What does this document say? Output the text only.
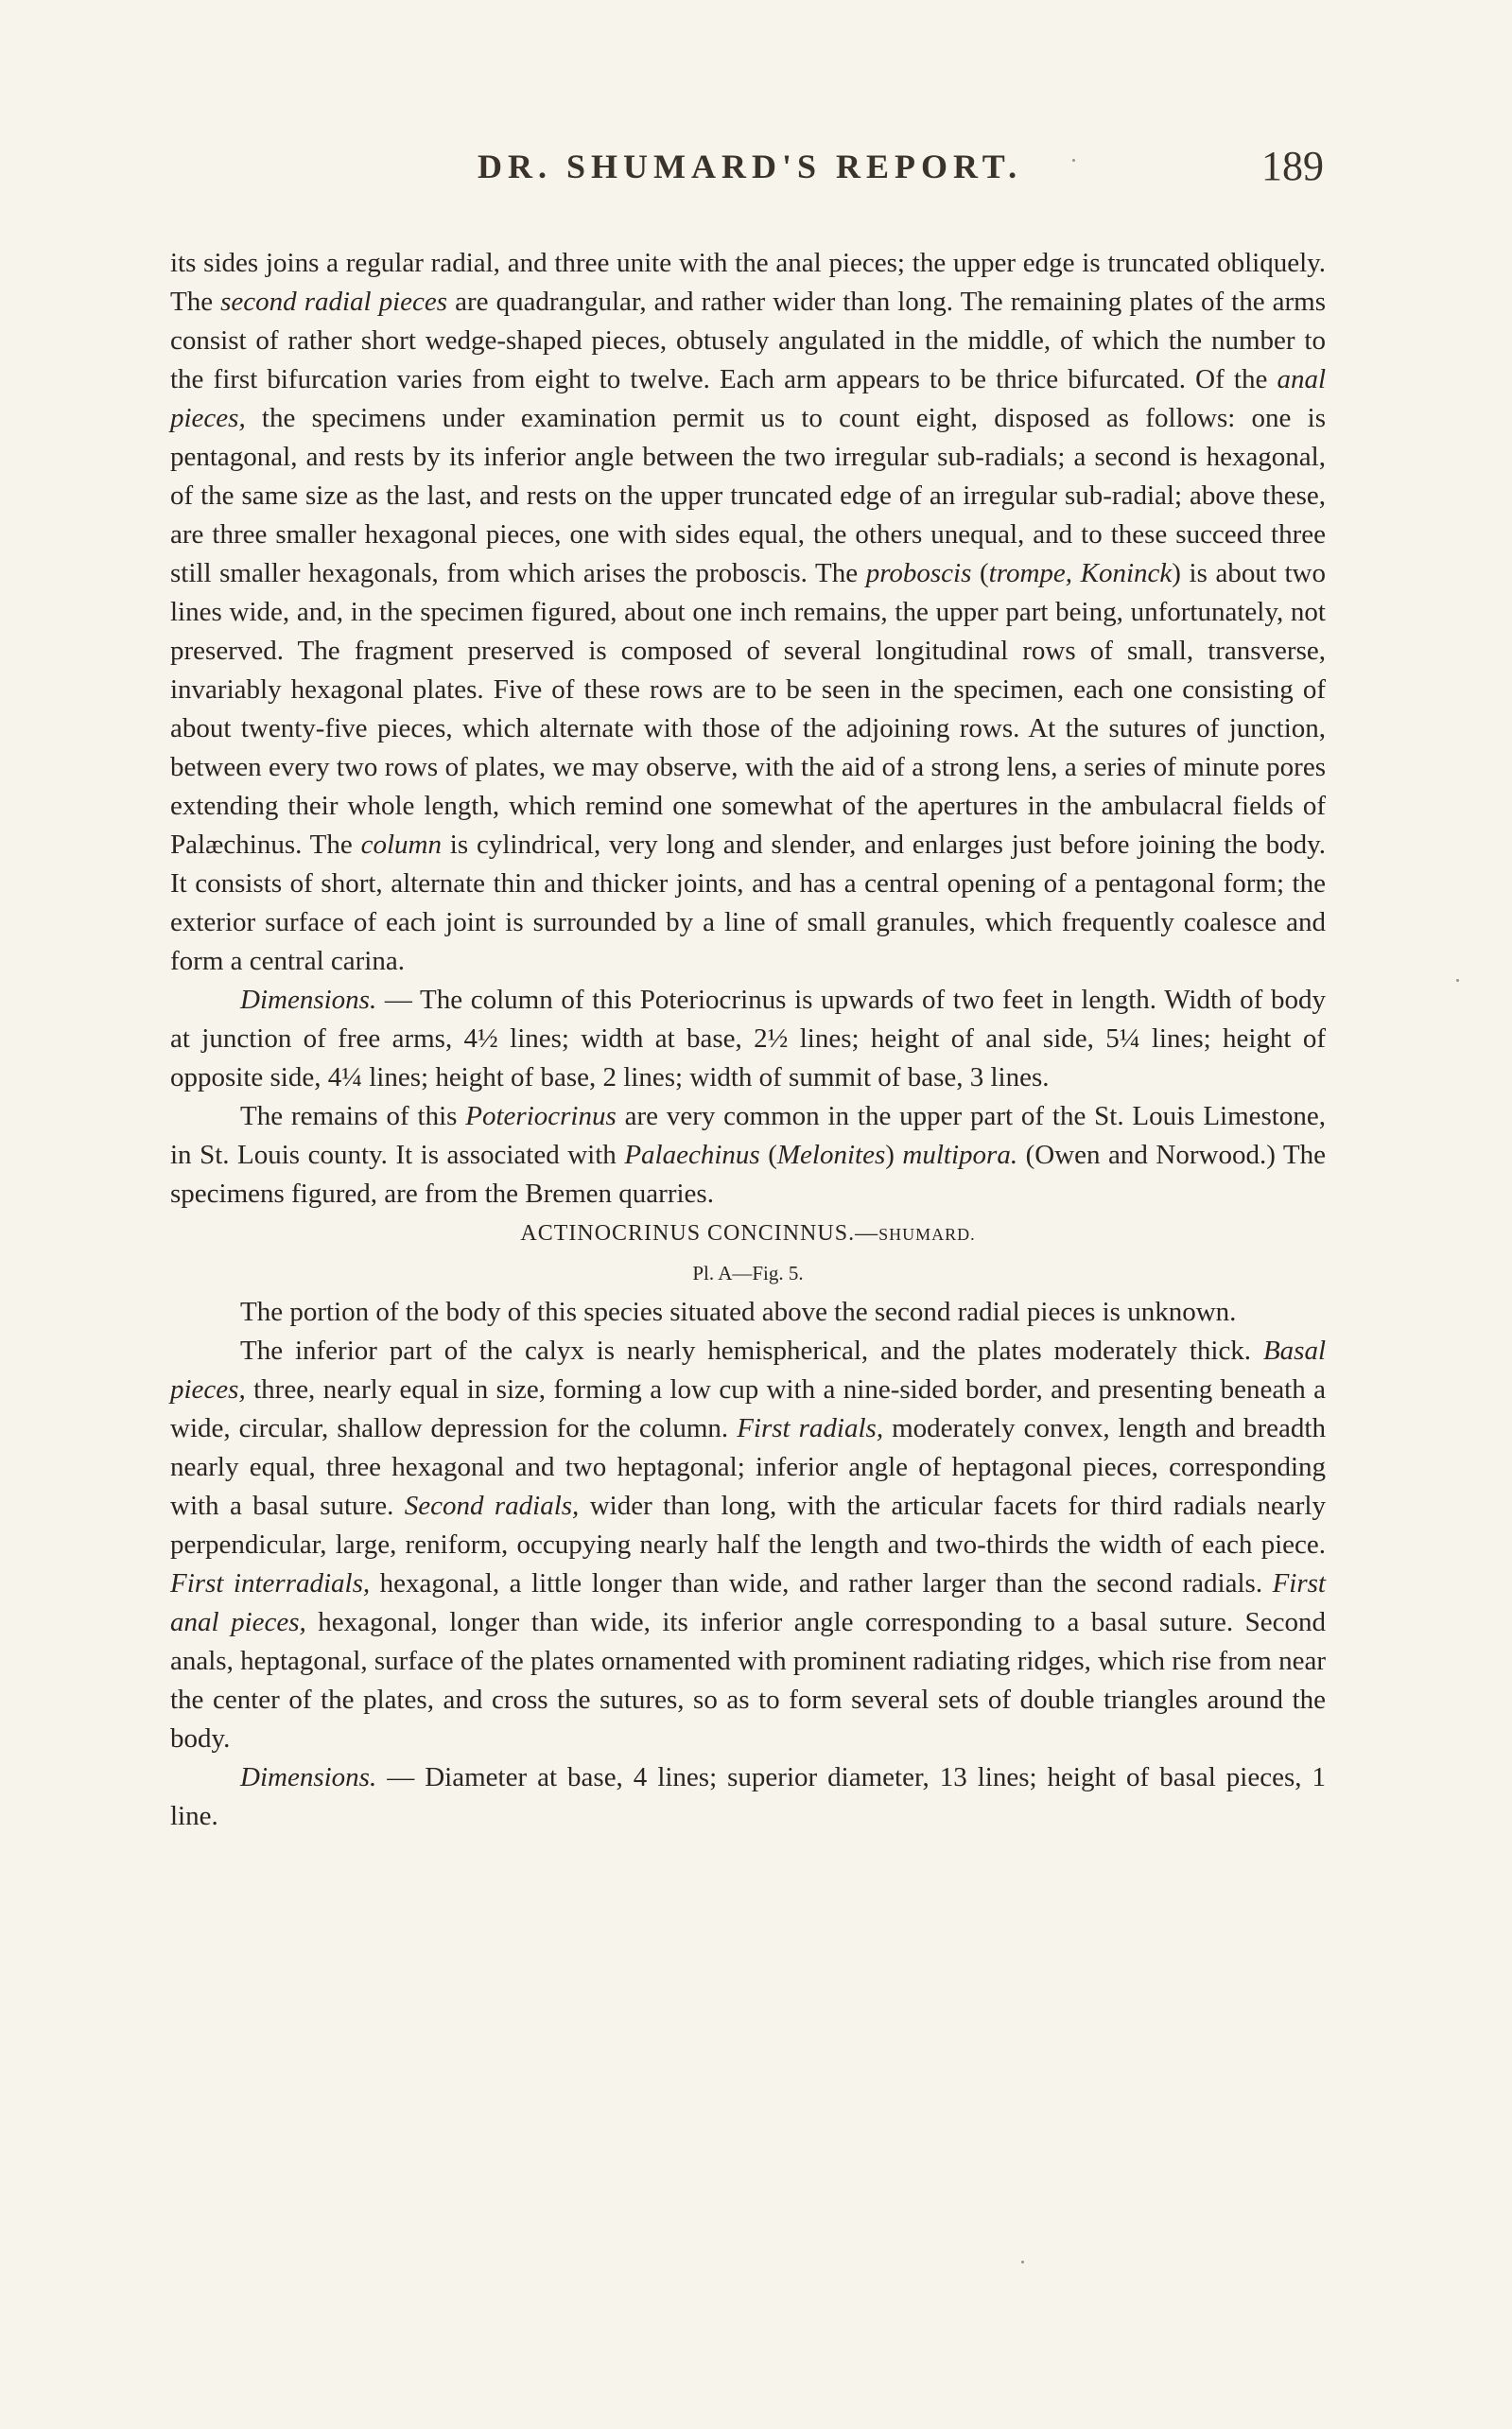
DR. SHUMARD'S REPORT.	189

its sides joins a regular radial, and three unite with the anal pieces; the upper edge is truncated obliquely. The second radial pieces are quadrangular, and rather wider than long. The remaining plates of the arms consist of rather short wedge-shaped pieces, obtusely angulated in the middle, of which the number to the first bifurcation varies from eight to twelve. Each arm appears to be thrice bifurcated. Of the anal pieces, the specimens under examination permit us to count eight, disposed as follows: one is pentagonal, and rests by its inferior angle between the two irregular sub-radials; a second is hexagonal, of the same size as the last, and rests on the upper truncated edge of an irregular sub-radial; above these, are three smaller hexagonal pieces, one with sides equal, the others unequal, and to these succeed three still smaller hexagonals, from which arises the proboscis. The proboscis (trompe, Koninck) is about two lines wide, and, in the specimen figured, about one inch remains, the upper part being, unfortunately, not preserved. The fragment preserved is composed of several longitudinal rows of small, transverse, invariably hexagonal plates. Five of these rows are to be seen in the specimen, each one consisting of about twenty-five pieces, which alternate with those of the adjoining rows. At the sutures of junction, between every two rows of plates, we may observe, with the aid of a strong lens, a series of minute pores extending their whole length, which remind one somewhat of the apertures in the ambulacral fields of Palæchinus. The column is cylindrical, very long and slender, and enlarges just before joining the body. It consists of short, alternate thin and thicker joints, and has a central opening of a pentagonal form; the exterior surface of each joint is surrounded by a line of small granules, which frequently coalesce and form a central carina.

Dimensions. — The column of this Poteriocrinus is upwards of two feet in length. Width of body at junction of free arms, 4½ lines; width at base, 2½ lines; height of anal side, 5¼ lines; height of opposite side, 4¼ lines; height of base, 2 lines; width of summit of base, 3 lines.

The remains of this Poteriocrinus are very common in the upper part of the St. Louis Limestone, in St. Louis county. It is associated with Palaechinus (Melonites) multipora. (Owen and Norwood.) The specimens figured, are from the Bremen quarries.

ACTINOCRINUS CONCINNUS.—SHUMARD.

Pl. A—Fig. 5.

The portion of the body of this species situated above the second radial pieces is unknown.

The inferior part of the calyx is nearly hemispherical, and the plates moderately thick. Basal pieces, three, nearly equal in size, forming a low cup with a nine-sided border, and presenting beneath a wide, circular, shallow depression for the column. First radials, moderately convex, length and breadth nearly equal, three hexagonal and two heptagonal; inferior angle of heptagonal pieces, corresponding with a basal suture. Second radials, wider than long, with the articular facets for third radials nearly perpendicular, large, reniform, occupying nearly half the length and two-thirds the width of each piece. First interradials, hexagonal, a little longer than wide, and rather larger than the second radials. First anal pieces, hexagonal, longer than wide, its inferior angle corresponding to a basal suture. Second anals, heptagonal, surface of the plates ornamented with prominent radiating ridges, which rise from near the center of the plates, and cross the sutures, so as to form several sets of double triangles around the body.

Dimensions. — Diameter at base, 4 lines; superior diameter, 13 lines; height of basal pieces, 1 line.
